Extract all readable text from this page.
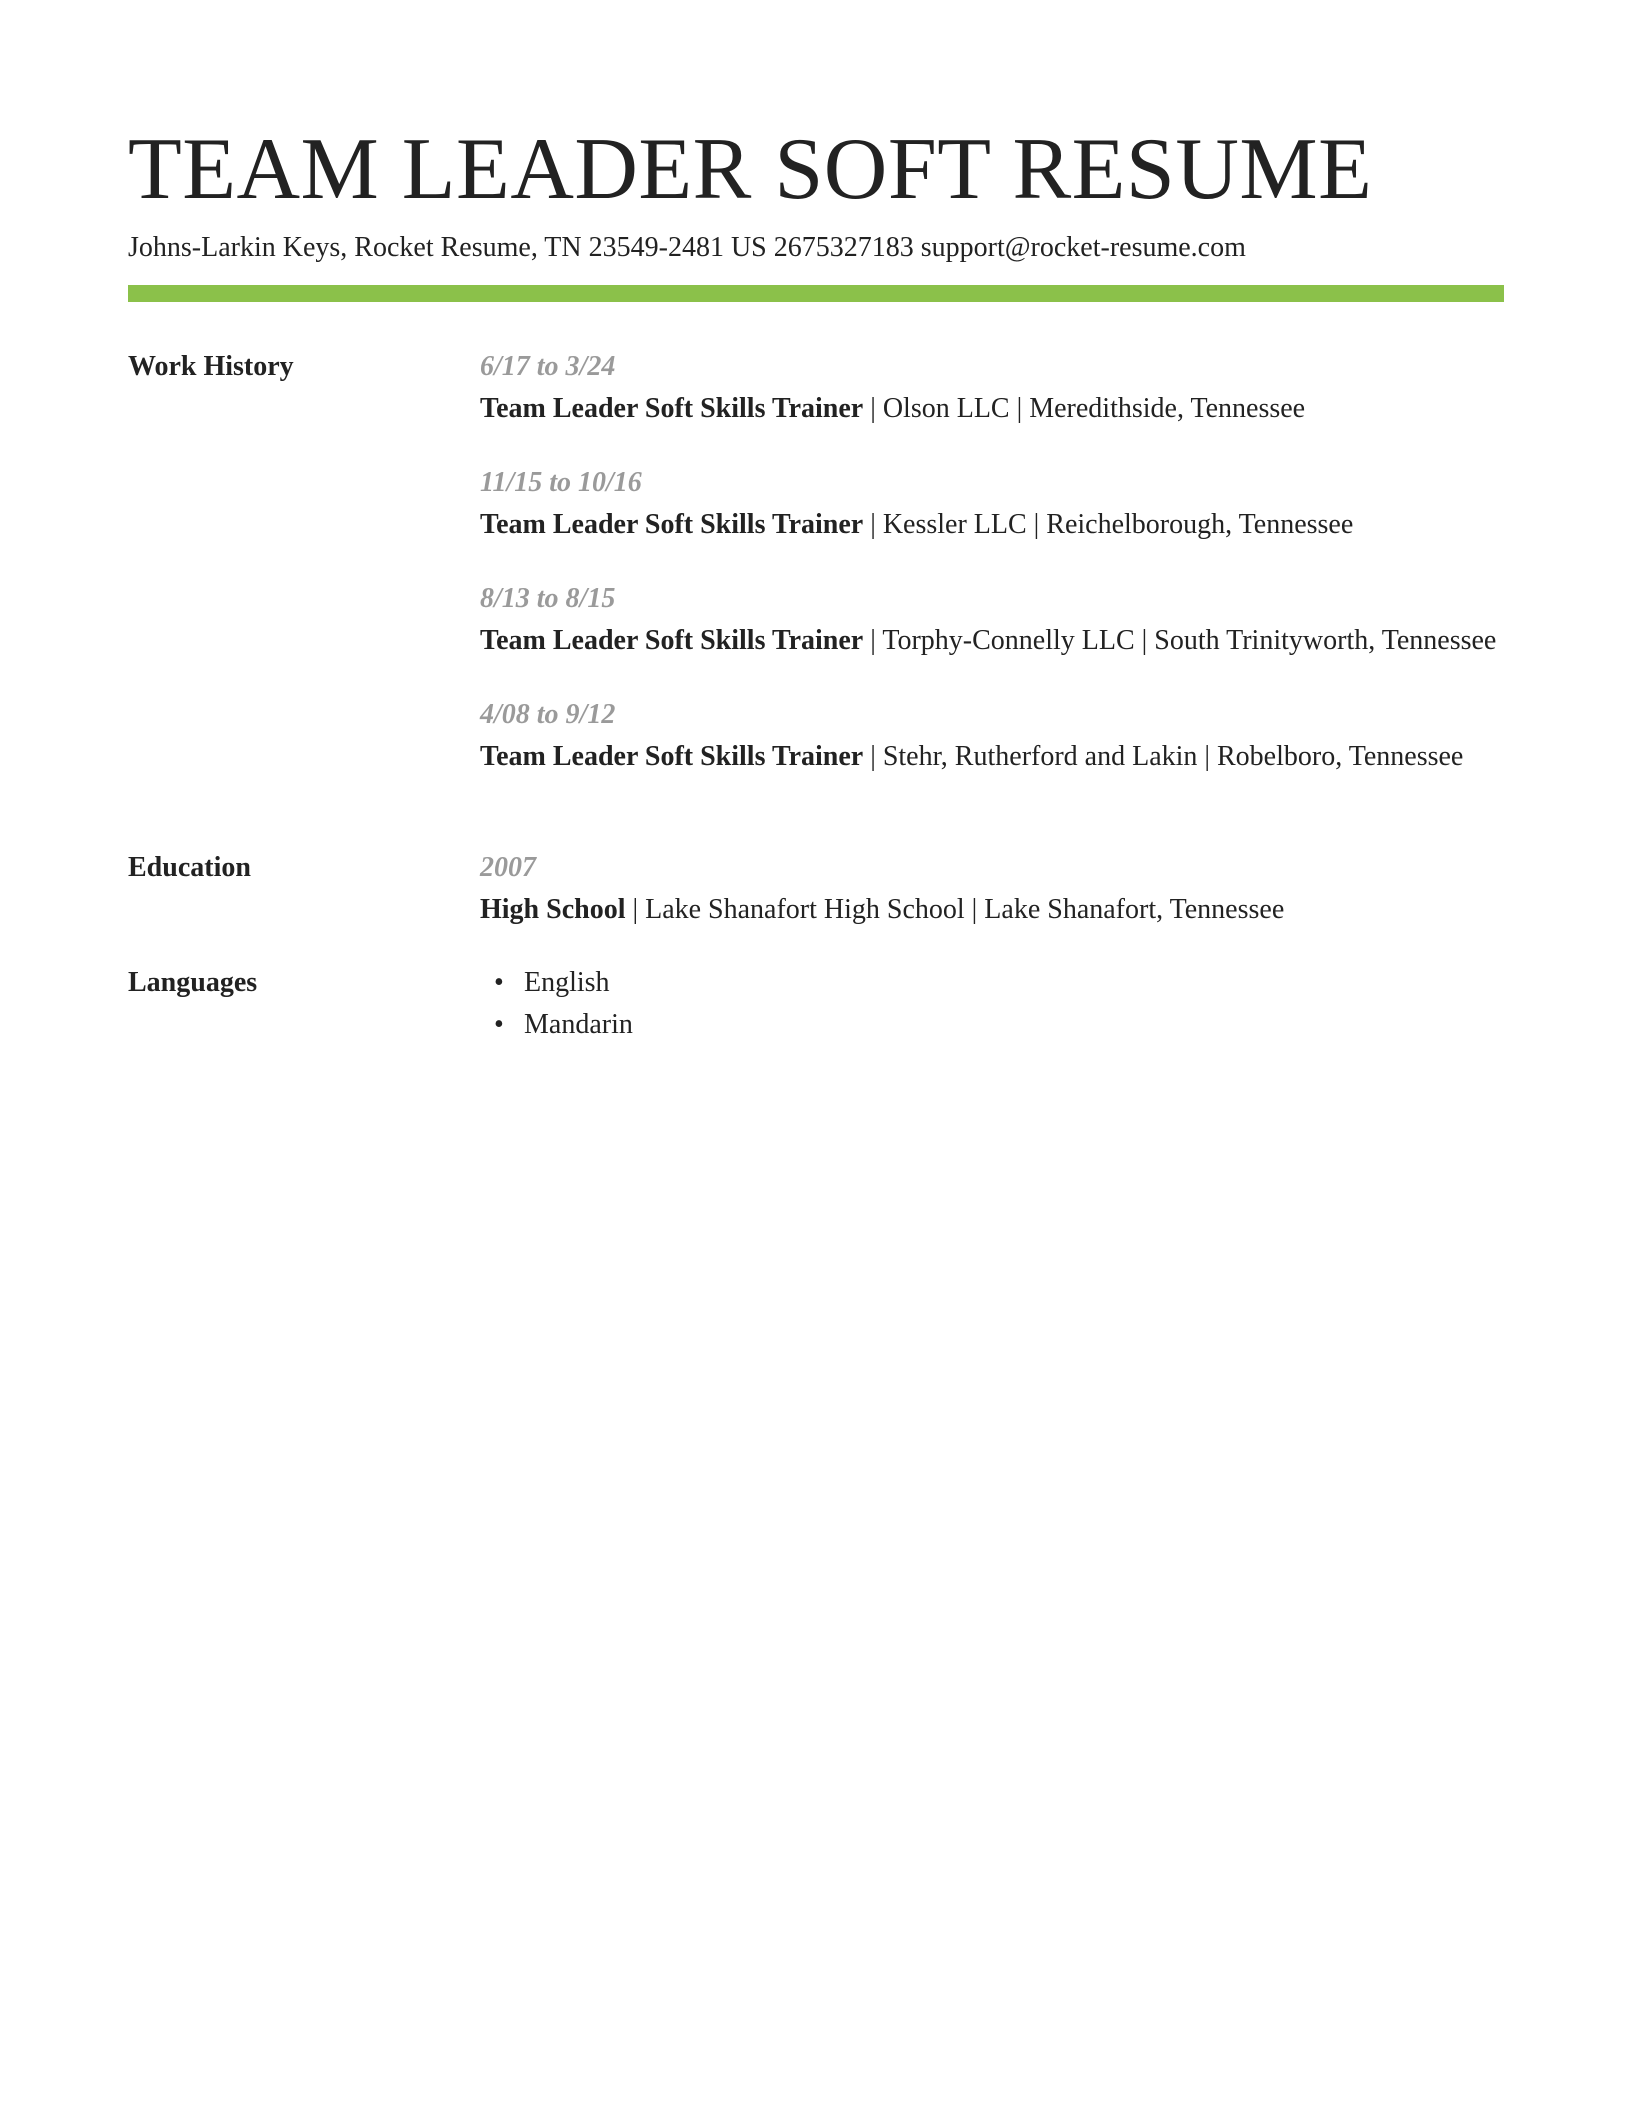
TEAM LEADER SOFT RESUME
Johns-Larkin Keys, Rocket Resume, TN 23549-2481 US 2675327183 support@rocket-resume.com
Work History	6/17 to 3/24
Team Leader Soft Skills Trainer | Olson LLC | Meredithside, Tennessee
11/15 to 10/16
Team Leader Soft Skills Trainer | Kessler LLC | Reichelborough, Tennessee
8/13 to 8/15
Team Leader Soft Skills Trainer | Torphy-Connelly LLC | South Trinityworth, Tennessee
4/08 to 9/12
Team Leader Soft Skills Trainer | Stehr, Rutherford and Lakin | Robelboro, Tennessee
Education	2007
High School | Lake Shanafort High School | Lake Shanafort, Tennessee
Languages	• English
• Mandarin
